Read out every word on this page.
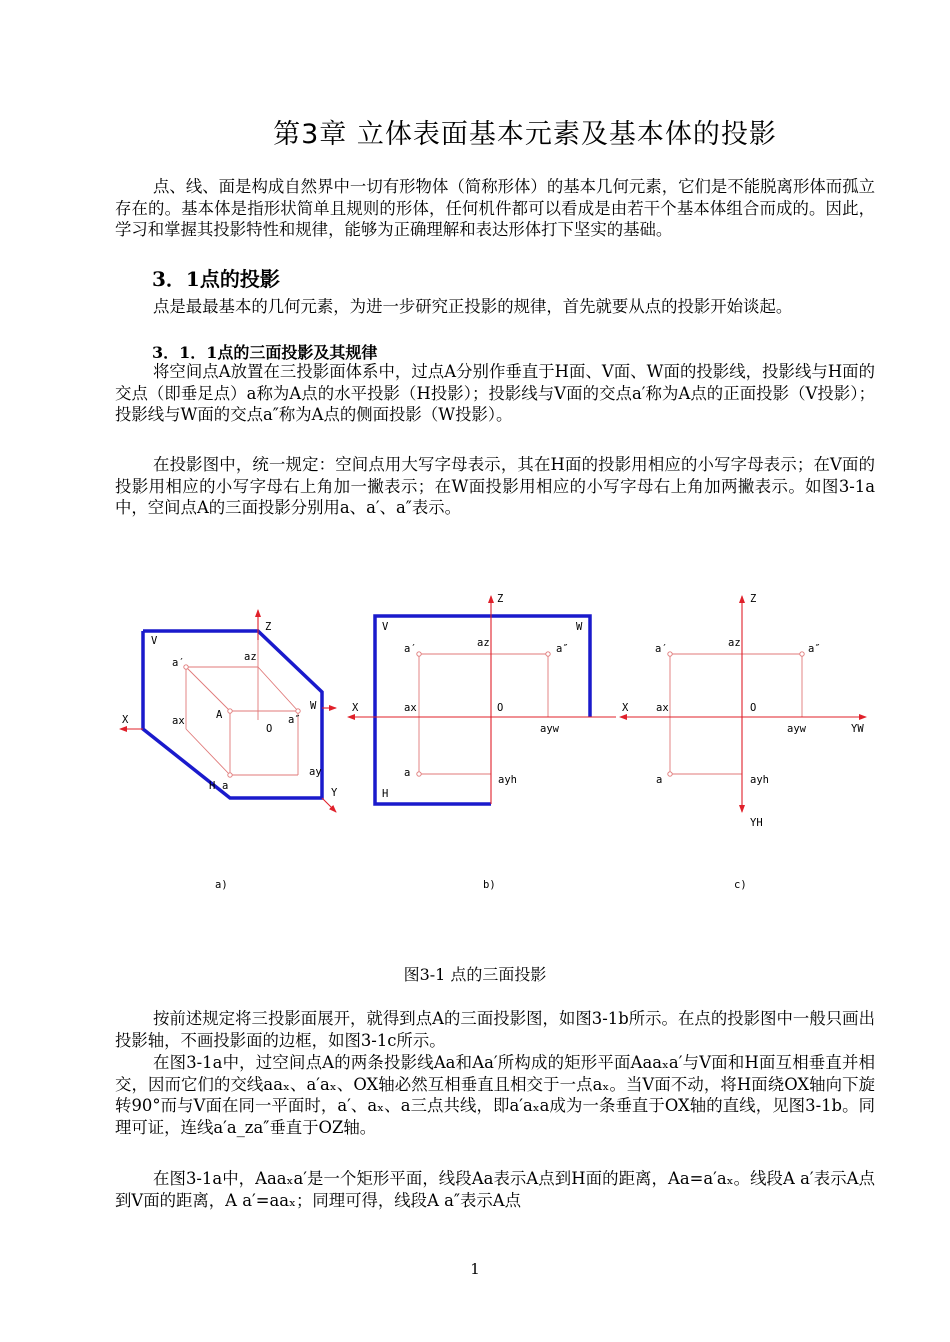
第3章 立体表面基本元素及基本体的投影

点、线、面是构成自然界中一切有形物体（简称形体）的基本几何元素，它们是不能脱离形体而孤立存在的。基本体是指形状简单且规则的形体，任何机件都可以看成是由若干个基本体组合而成的。因此，学习和掌握其投影特性和规律，能够为正确理解和表达形体打下坚实的基础。

3．1点的投影

点是最最基本的几何元素，为进一步研究正投影的规律，首先就要从点的投影开始谈起。

3．1．1点的三面投影及其规律

将空间点A放置在三投影面体系中，过点A分别作垂直于H面、V面、W面的投影线，投影线与H面的交点（即垂足点）a称为A点的水平投影（H投影）；投影线与V面的交点a′称为A点的正面投影（V投影）；投影线与W面的交点a″称为A点的侧面投影（W投影）。

在投影图中，统一规定：空间点用大写字母表示，其在H面的投影用相应的小写字母表示；在V面的投影用相应的小写字母右上角加一撇表示；在W面投影用相应的小写字母右上角加两撇表示。如图3-1a中，空间点A的三面投影分别用a、a′、a″表示。

Z
V
a′	az
X	ax	A
O
a″
W
ay
H a
Y
a)
Z
V	W
a′	az	a″
X	ax	O
ayw
a
ayh
H
b)
Z
a′	az	a″
X	ax	O
ayw	YW
a	ayh
YH
c)
图3-1 点的三面投影

按前述规定将三投影面展开，就得到点A的三面投影图，如图3-1b所示。在点的投影图中一般只画出投影轴，不画投影面的边框，如图3-1c所示。

在图3-1a中，过空间点A的两条投影线Aa和Aa′所构成的矩形平面Aaaₓa′与V面和H面互相垂直并相交，因而它们的交线aaₓ、a′aₓ、OX轴必然互相垂直且相交于一点aₓ。当V面不动，将H面绕OX轴向下旋转90°而与V面在同一平面时，a′、aₓ、a三点共线，即a′aₓa成为一条垂直于OX轴的直线，见图3-1b。同理可证，连线a′a_za″垂直于OZ轴。

在图3-1a中，Aaaₓa′是一个矩形平面，线段Aa表示A点到H面的距离，Aa=a′aₓ。线段A a′表示A点到V面的距离，A a′=aaₓ；同理可得，线段A a″表示A点

1
